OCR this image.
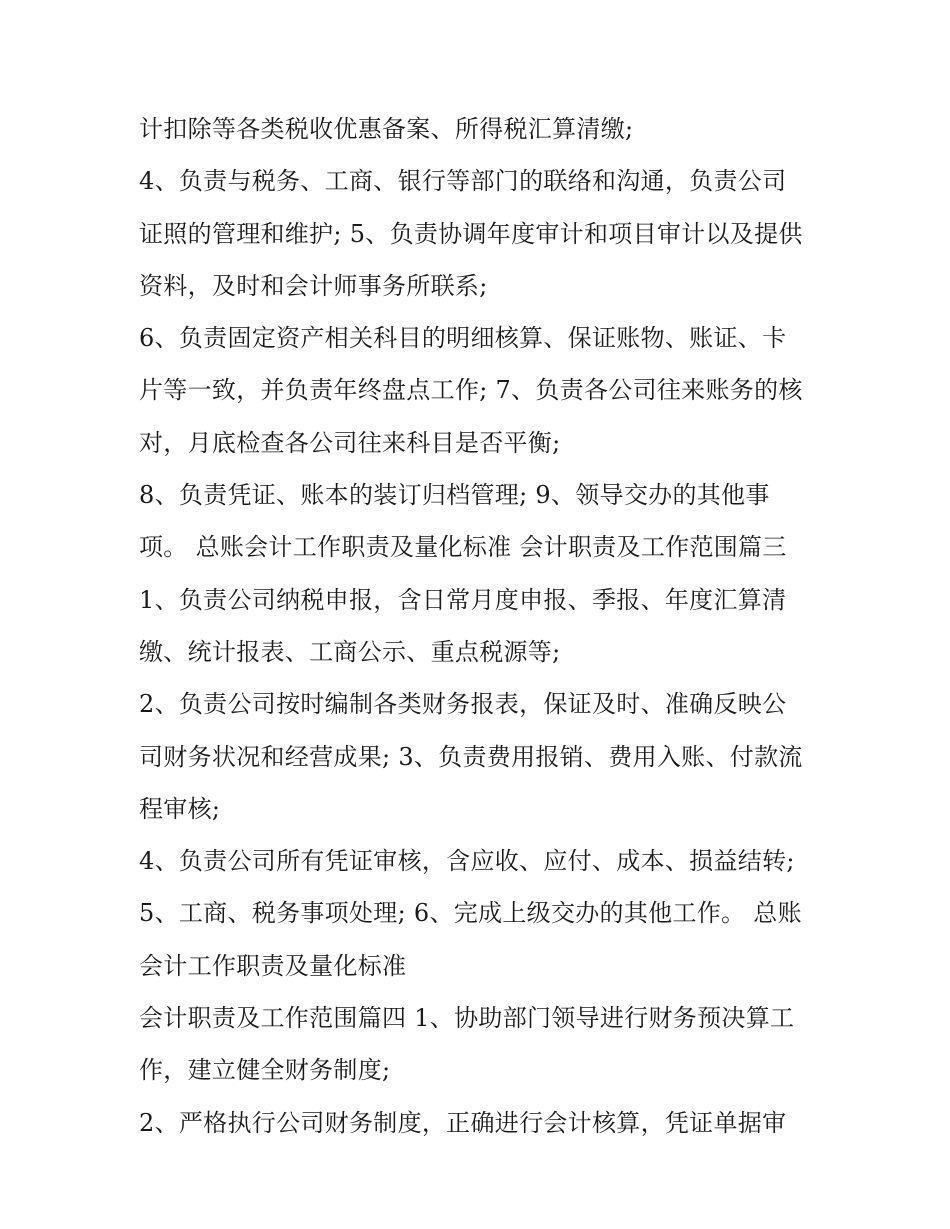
计扣除等各类税收优惠备案、所得税汇算清缴;
4、负责与税务、工商、银行等部门的联络和沟通，负责公司
证照的管理和维护; 5、负责协调年度审计和项目审计以及提供
资料，及时和会计师事务所联系;
6、负责固定资产相关科目的明细核算、保证账物、账证、卡
片等一致，并负责年终盘点工作; 7、负责各公司往来账务的核
对，月底检查各公司往来科目是否平衡;
8、负责凭证、账本的装订归档管理; 9、领导交办的其他事
项。 总账会计工作职责及量化标准 会计职责及工作范围篇三
1、负责公司纳税申报，含日常月度申报、季报、年度汇算清
缴、统计报表、工商公示、重点税源等;
2、负责公司按时编制各类财务报表，保证及时、准确反映公
司财务状况和经营成果; 3、负责费用报销、费用入账、付款流
程审核;
4、负责公司所有凭证审核，含应收、应付、成本、损益结转;
5、工商、税务事项处理; 6、完成上级交办的其他工作。 总账
会计工作职责及量化标准
会计职责及工作范围篇四 1、协助部门领导进行财务预决算工
作，建立健全财务制度;
2、严格执行公司财务制度，正确进行会计核算，凭证单据审
